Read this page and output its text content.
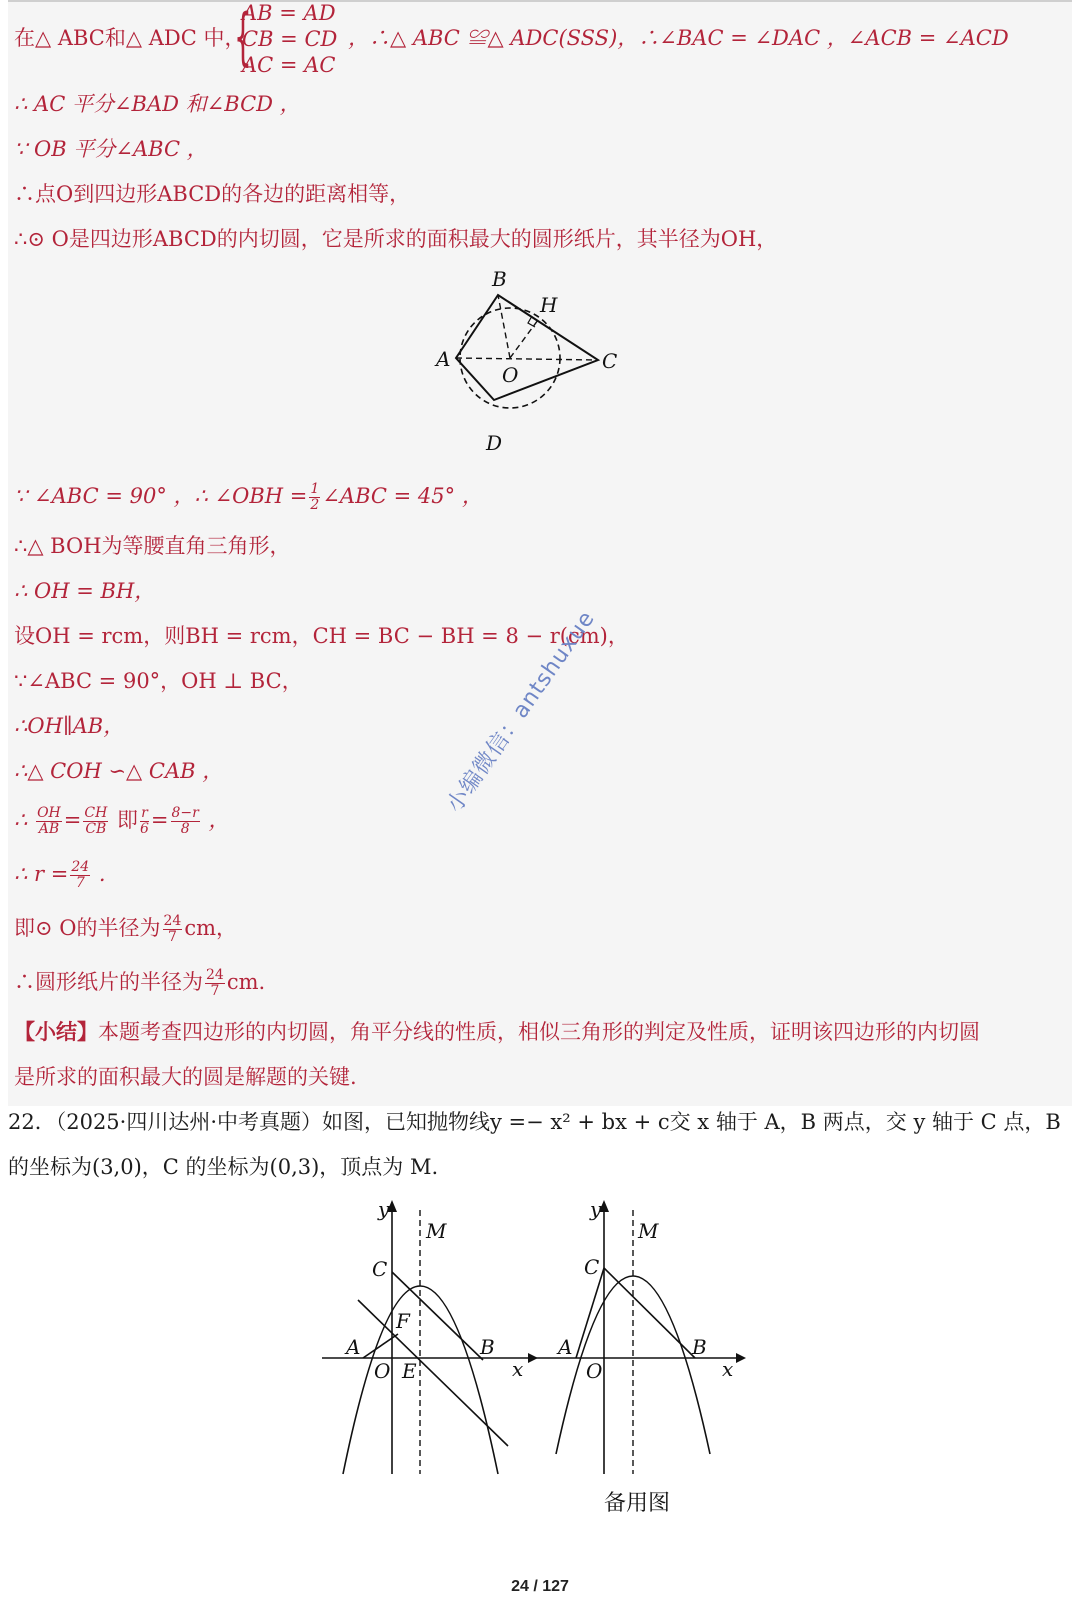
在△ ABC和△ ADC 中，
{
AB = AD
CB = CD
AC = AC
，∴△ ABC ≌△ ADC(SSS)，∴∠BAC = ∠DAC ，∠ACB = ∠ACD
∴ AC 平分∠BAD 和∠BCD ，
∵ OB 平分∠ABC ，
∴点O到四边形ABCD的各边的距离相等，
∴⊙ O是四边形ABCD的内切圆，它是所求的面积最大的圆形纸片，其半径为OH，
B
H
A
O
C
D
∵ ∠ABC = 90° ，∴ ∠OBH = $\frac{1}{2}$ ∠ABC = 45° ，
∴△ BOH为等腰直角三角形，
∴ OH = BH，
设OH = rcm，则BH = rcm，CH = BC − BH = 8 − r(cm)，
∵∠ABC = 90°，OH ⊥ BC，
∴OH∥AB，
∴△ COH ∽△ CAB ，
∴ $\frac{OH}{AB} = \frac{CH}{CB}$ 即 $\frac{r}{6} = \frac{8-r}{8}$ ，
∴ $r = \frac{24}{7}$ .
即⊙ O的半径为 $\frac{24}{7}$ cm，
∴圆形纸片的半径为 $\frac{24}{7}$ cm.
【小结】本题考查四边形的内切圆，角平分线的性质，相似三角形的判定及性质，证明该四边形的内切圆
是所求的面积最大的圆是解题的关键.
小编微信：antshuxue
22．（2025·四川达州·中考真题）如图，已知抛物线y =− x² + bx + c交 x 轴于 A，B 两点，交 y 轴于 C 点，B
的坐标为(3,0)，C 的坐标为(0,3)，顶点为 M.
y
M
C
F
A	B
x
O E
y
M
C
A	B
x
O
备用图
24 / 127
